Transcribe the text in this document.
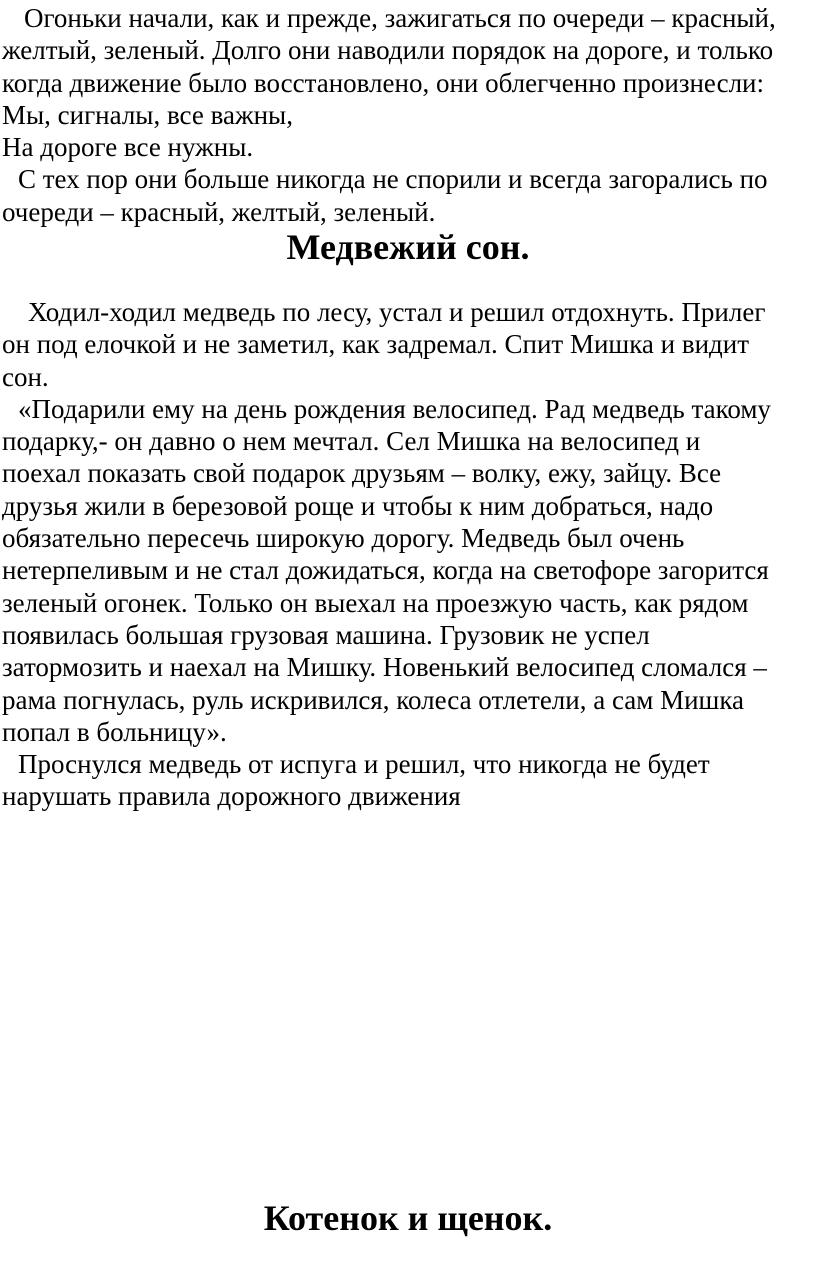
Огоньки начали, как и прежде, зажигаться по очереди – красный,
желтый, зеленый. Долго они наводили порядок на дороге, и только
когда движение было восстановлено, они облегченно произнесли:
Мы, сигналы, все важны,
На дороге все нужны.
С тех пор они больше никогда не спорили и всегда загорались по
очереди – красный, желтый, зеленый.
Медвежий сон.
Ходил-ходил медведь по лесу, устал и решил отдохнуть. Прилег
он под елочкой и не заметил, как задремал. Спит Мишка и видит
сон.
«Подарили ему на день рождения велосипед. Рад медведь такому
подарку,- он давно о нем мечтал. Сел Мишка на велосипед и
поехал показать свой подарок друзьям – волку, ежу, зайцу. Все
друзья жили в березовой роще и чтобы к ним добраться, надо
обязательно пересечь широкую дорогу. Медведь был очень
нетерпеливым и не стал дожидаться, когда на светофоре загорится
зеленый огонек. Только он выехал на проезжую часть, как рядом
появилась большая грузовая машина. Грузовик не успел
затормозить и наехал на Мишку. Новенький велосипед сломался –
рама погнулась, руль искривился, колеса отлетели, а сам Мишка
попал в больницу».
Проснулся медведь от испуга и решил, что никогда не будет
нарушать правила дорожного движения
Котенок и щенок.
